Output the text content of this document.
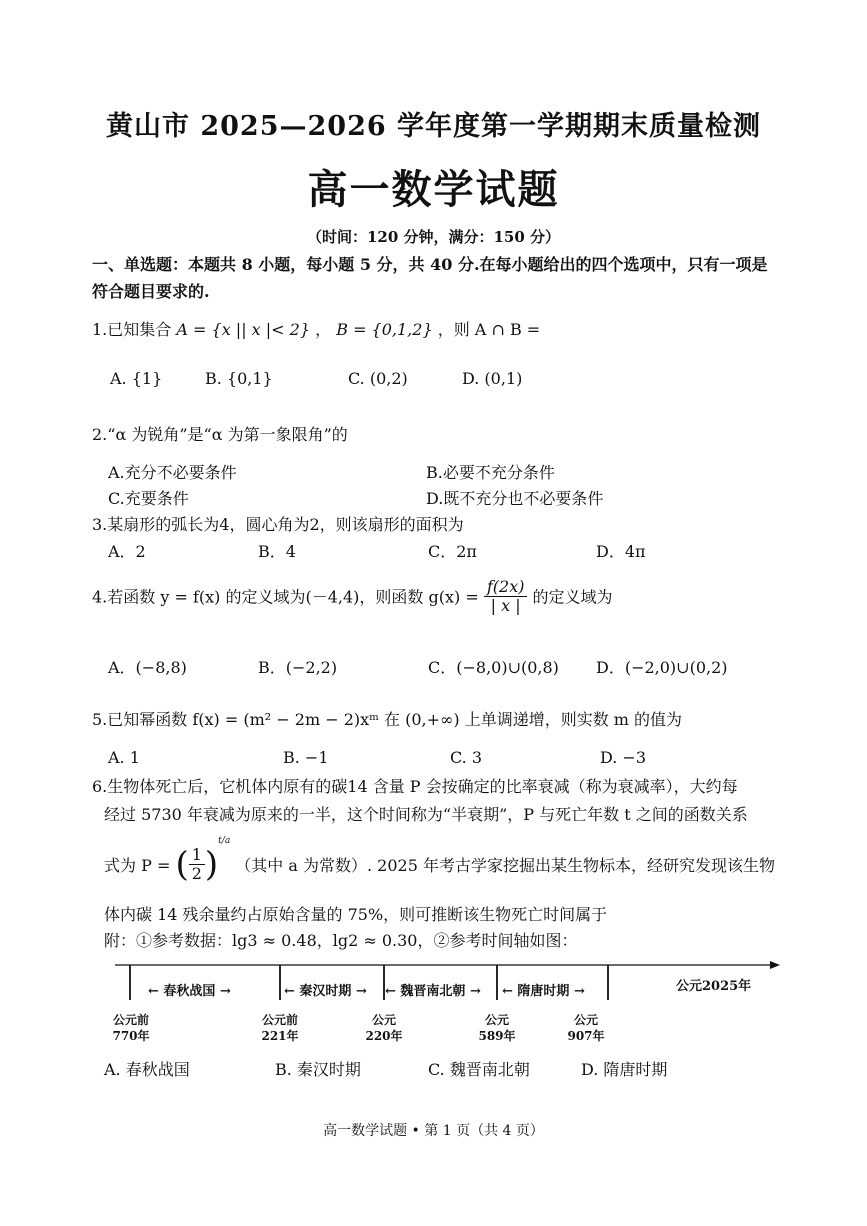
黄山市 2025—2026 学年度第一学期期末质量检测
高一数学试题
（时间：120 分钟，满分：150 分）
一、单选题：本题共 8 小题，每小题 5 分，共 40 分.在每小题给出的四个选项中，只有一项是
符合题目要求的.
1.已知集合 A = {x || x |< 2} ， B = {0,1,2} ，则 A ∩ B =
A. {1}	B. {0,1}	C. (0,2)	D. (0,1)
2.“α 为锐角”是“α 为第一象限角”的
A.充分不必要条件	B.必要不充分条件
C.充要条件	D.既不充分也不必要条件
3.某扇形的弧长为4，圆心角为2，则该扇形的面积为
A．2	B．4	C．2π	D．4π
4.若函数 y = f(x) 的定义域为(－4,4)，则函数 $g(x) = \frac{f(2x)}{| x |}$ 的定义域为
A．(−8,8)	B．(−2,2)	C．(−8,0)∪(0,8) D．(−2,0)∪(0,2)
5.已知幂函数 f(x) = (m² − 2m − 2)xᵐ 在 (0,+∞) 上单调递增，则实数 m 的值为
A. 1	B. −1	C. 3	D. −3
6.生物体死亡后，它机体内原有的碳14 含量 P 会按确定的比率衰减（称为衰减率），大约每
经过 5730 年衰减为原来的一半，这个时间称为“半衰期”，P 与死亡年数 t 之间的函数关系
式为 P = ( $\frac{1}{2} )^{t/a}$ （其中 a 为常数）. 2025 年考古学家挖掘出某生物标本，经研究发现该生物
体内碳 14 残余量约占原始含量的 75%，则可推断该生物死亡时间属于
附：①参考数据：lg3 ≈ 0.48，lg2 ≈ 0.30，②参考时间轴如图：
← 春秋战国 →	← 秦汉时期 → ← 魏晋南北朝 → ← 隋唐时期 →	公元2025年
公元前
770年
公元前
221年
公元
220年
公元
589年
公元
907年
A. 春秋战国	B. 秦汉时期	C. 魏晋南北朝	D. 隋唐时期
高一数学试题 • 第 1 页（共 4 页）
